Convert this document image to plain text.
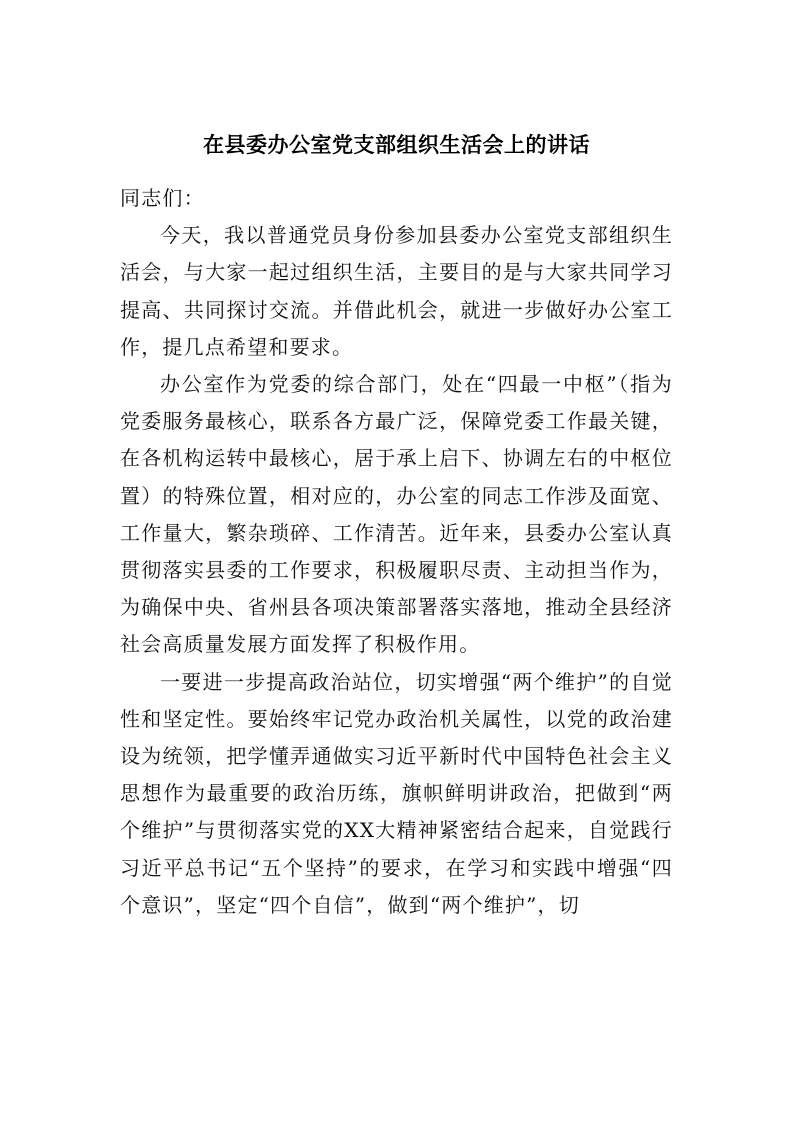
在县委办公室党支部组织生活会上的讲话

同志们：

今天，我以普通党员身份参加县委办公室党支部组织生活会，与大家一起过组织生活，主要目的是与大家共同学习提高、共同探讨交流。并借此机会，就进一步做好办公室工作，提几点希望和要求。

办公室作为党委的综合部门，处在“四最一中枢”（指为党委服务最核心，联系各方最广泛，保障党委工作最关键，在各机构运转中最核心，居于承上启下、协调左右的中枢位置）的特殊位置，相对应的，办公室的同志工作涉及面宽、工作量大，繁杂琐碎、工作清苦。近年来，县委办公室认真贯彻落实县委的工作要求，积极履职尽责、主动担当作为，为确保中央、省州县各项决策部署落实落地，推动全县经济社会高质量发展方面发挥了积极作用。

一要进一步提高政治站位，切实增强“两个维护”的自觉性和坚定性。要始终牢记党办政治机关属性，以党的政治建设为统领，把学懂弄通做实习近平新时代中国特色社会主义思想作为最重要的政治历练，旗帜鲜明讲政治，把做到“两个维护”与贯彻落实党的XX大精神紧密结合起来，自觉践行习近平总书记“五个坚持”的要求，在学习和实践中增强“四个意识”，坚定“四个自信”，做到“两个维护”，切
